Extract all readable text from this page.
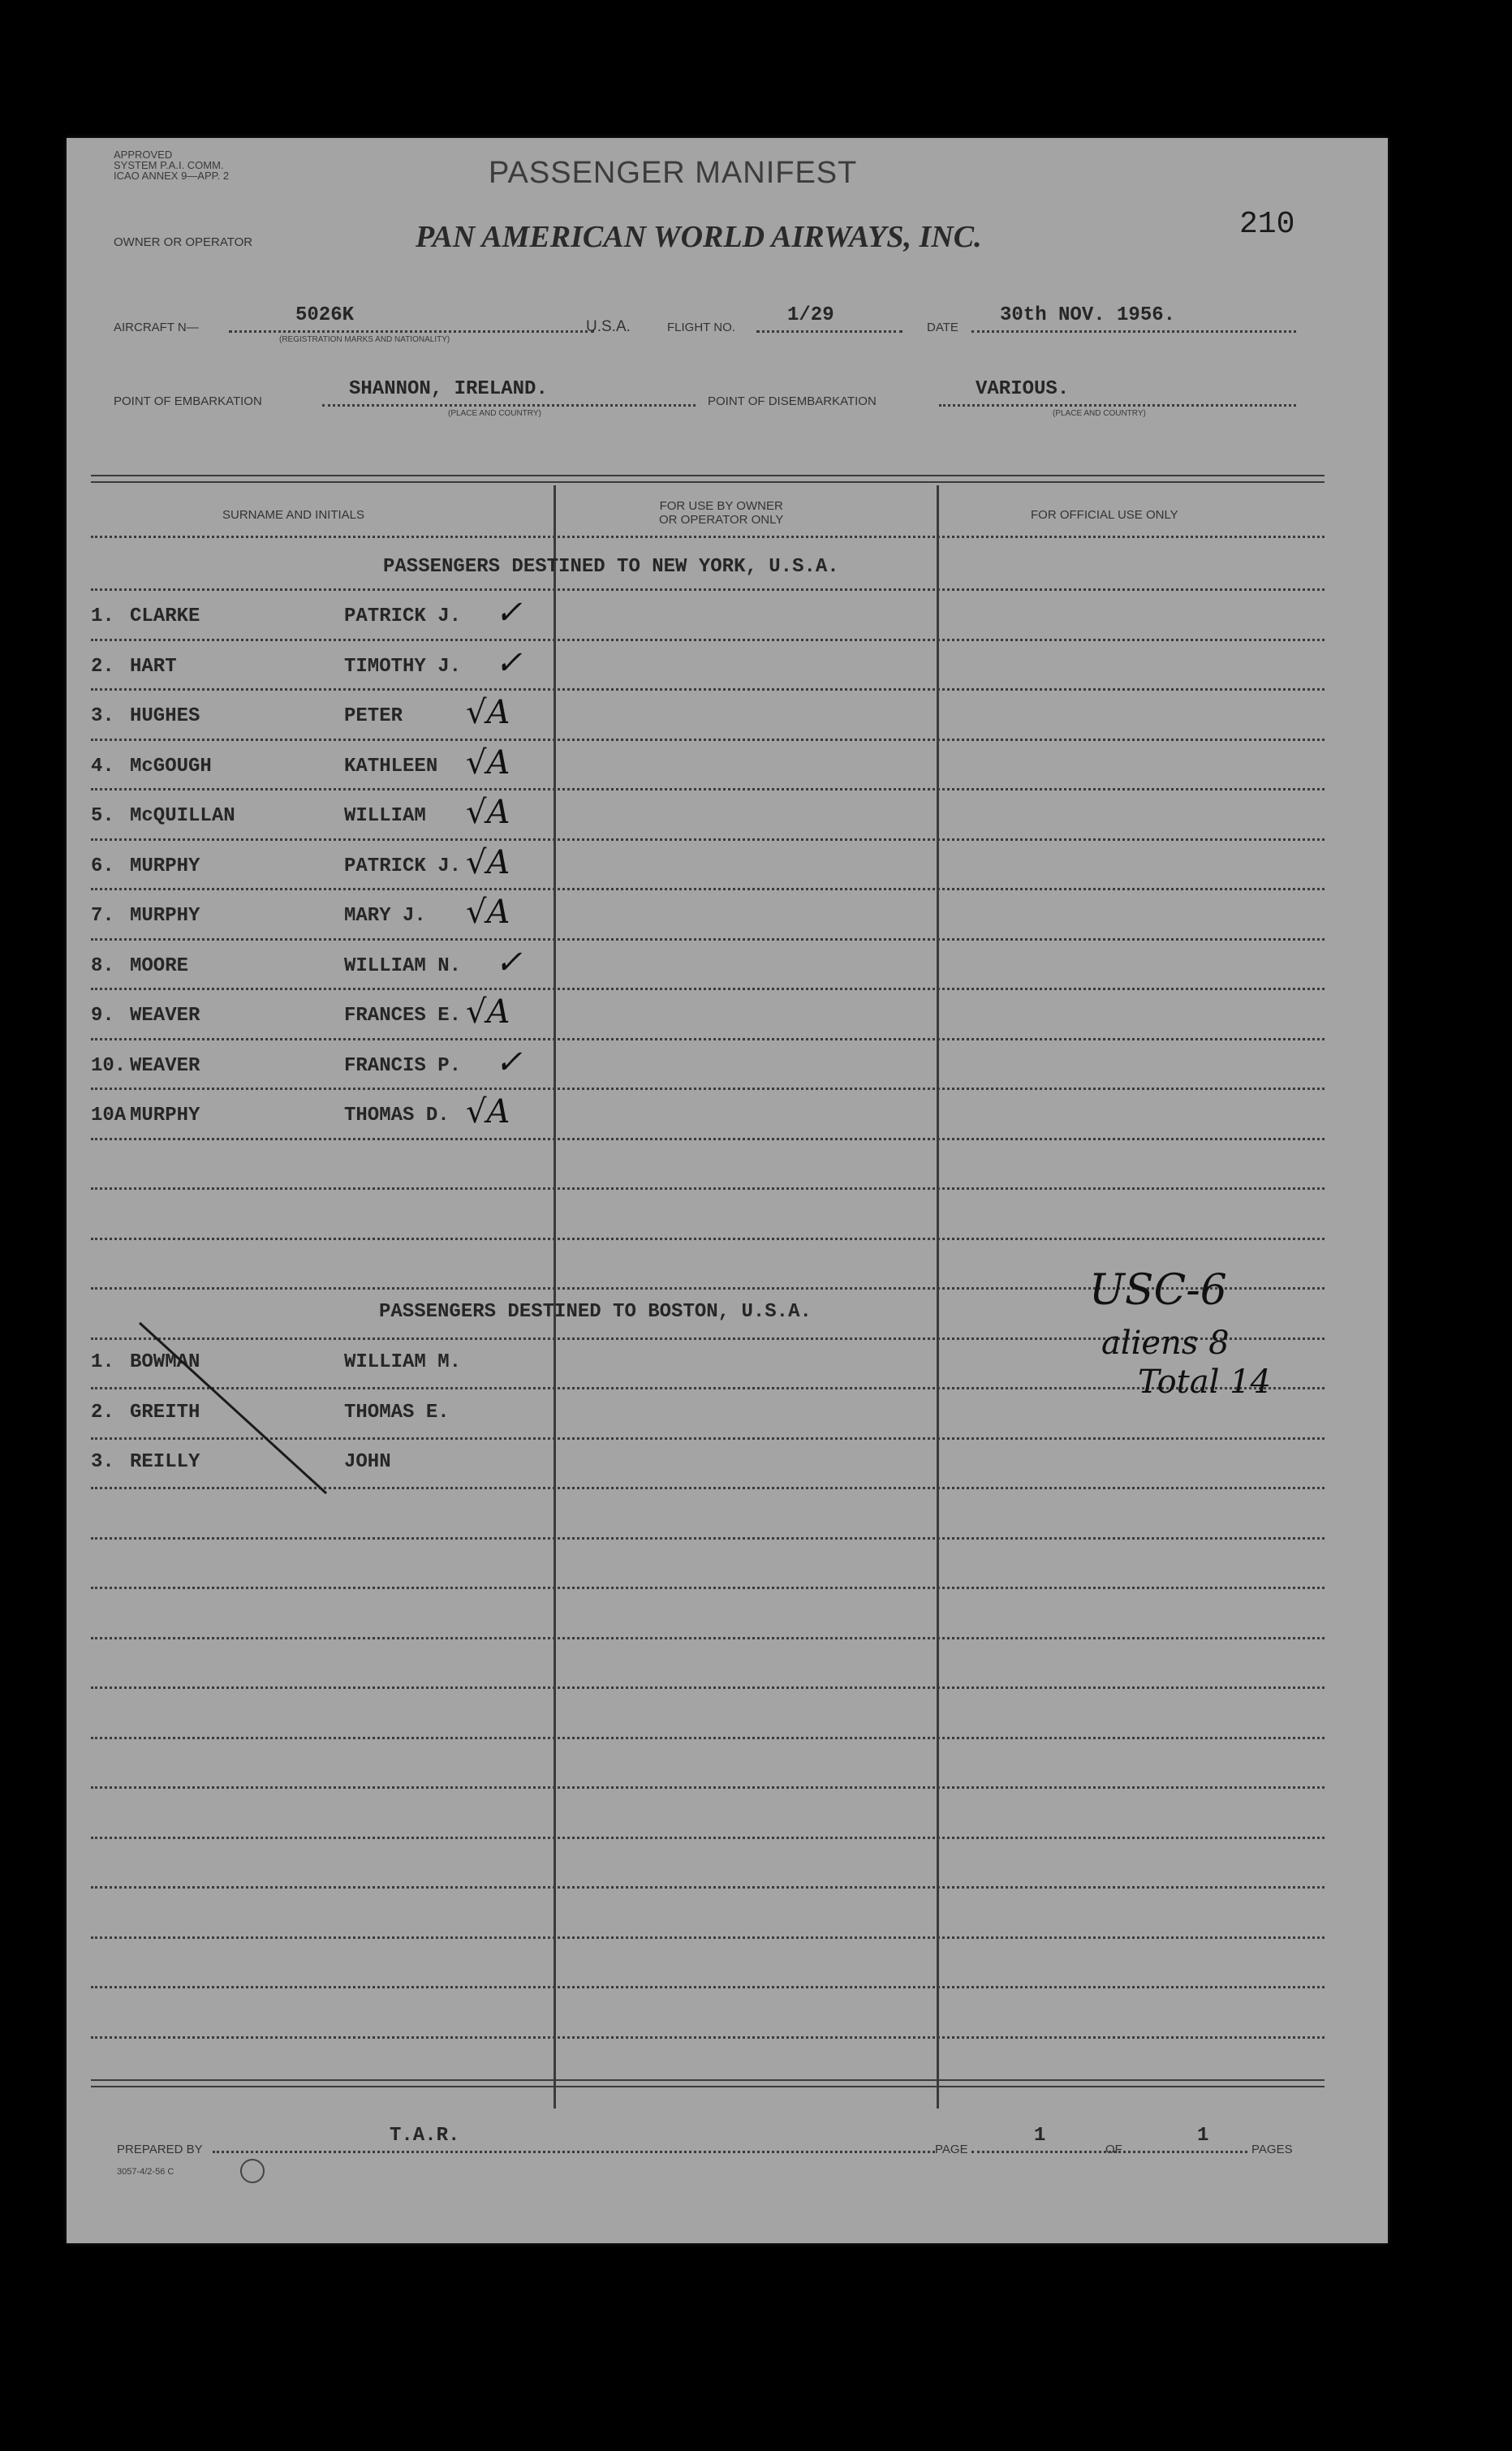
APPROVED
SYSTEM P.A.I. COMM.
ICAO ANNEX 9—APP. 2	PASSENGER MANIFEST
OWNER OR OPERATOR	PAN AMERICAN WORLD AIRWAYS, INC.	210
AIRCRAFT N—
5026K
(REGISTRATION MARKS AND NATIONALITY)
U.S.A.	FLIGHT NO.
1/29
DATE
30th NOV. 1956.
POINT OF EMBARKATION
SHANNON, IRELAND.
(PLACE AND COUNTRY)
POINT OF DISEMBARKATION
VARIOUS.
(PLACE AND COUNTRY)
SURNAME AND INITIALS
FOR USE BY OWNER
OR OPERATOR ONLY	FOR OFFICIAL USE ONLY
PASSENGERS DESTINED TO NEW YORK, U.S.A.
1. CLARKE	PATRICK J. ✓
2. HART	TIMOTHY J. ✓
3. HUGHES	PETER √A
4. McGOUGH	KATHLEEN √A
5. McQUILLAN	WILLIAM √A
6. MURPHY	PATRICK J. √A
7. MURPHY	MARY J. √A
8. MOORE	WILLIAM N. ✓
9. WEAVER	FRANCES E. √A
10. WEAVER	FRANCIS P. ✓
10A MURPHY	THOMAS D. √A
PASSENGERS DESTINED TO BOSTON, U.S.A.
1. BOWMAN	WILLIAM M.
2. GREITH	THOMAS E.
3. REILLY	JOHN
USC-6
aliens 8
Total 14
PREPARED BY
T.A.R.
3057-4/2-56 C
PAGE
1
OF
1
PAGES
